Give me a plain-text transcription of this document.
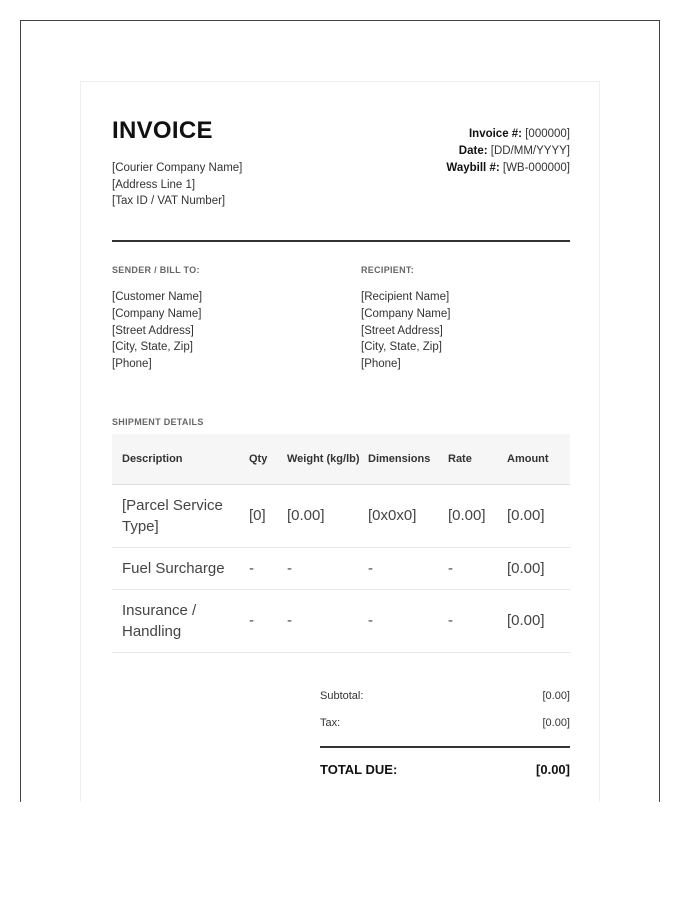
INVOICE
[Courier Company Name]
[Address Line 1]
[Tax ID / VAT Number]
Invoice #: [000000]
Date: [DD/MM/YYYY]
Waybill #: [WB-000000]
SENDER / BILL TO:	RECIPIENT:
[Customer Name]
[Company Name]
[Street Address]
[City, State, Zip]
[Phone]
[Recipient Name]
[Company Name]
[Street Address]
[City, State, Zip]
[Phone]
SHIPMENT DETAILS
Description	Qty	Weight (kg/lb)	Dimensions	Rate	Amount
[Parcel Service Type]	[0]	[0.00]	[0x0x0]	[0.00]	[0.00]
Fuel Surcharge	-	-	-	-	[0.00]
Insurance / Handling	-	-	-	-	[0.00]
Subtotal:	[0.00]
Tax:	[0.00]
TOTAL DUE:	[0.00]
